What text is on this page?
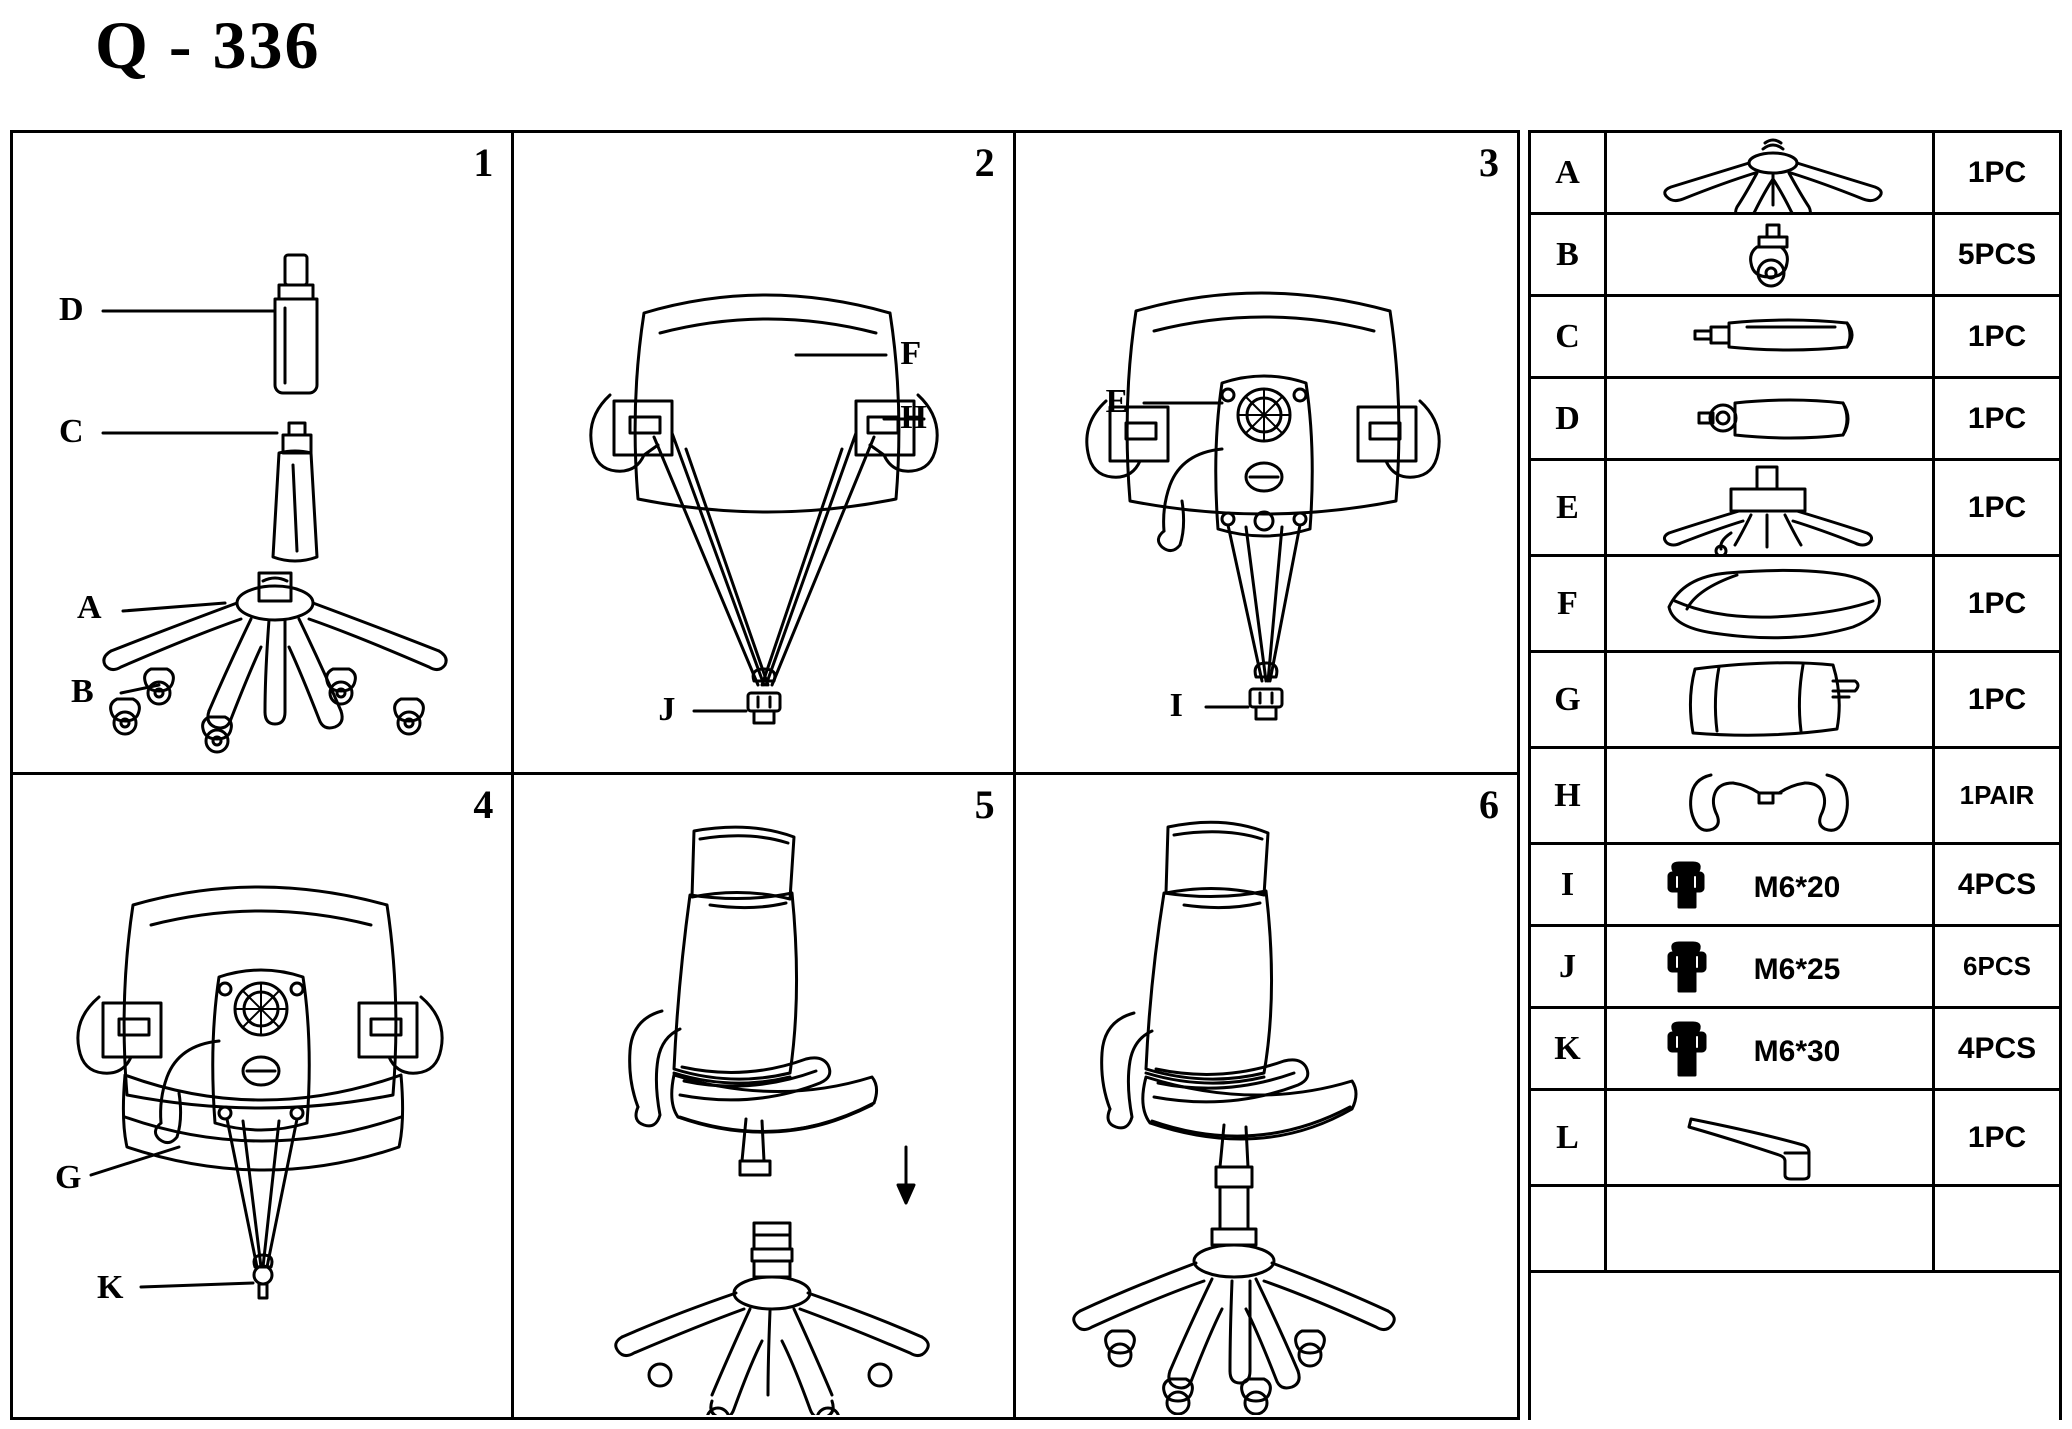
Q - 336
1
D
C
A
B
2
F
H
J
3
E
I
4
G
K
5	6
A	1PC
B	5PCS
C	1PC
D	1PC
E	1PC
F	1PC
G	1PC
H	1PAIR
I	M6*20	4PCS
J	M6*25	6PCS
K	M6*30	4PCS
L	1PC
